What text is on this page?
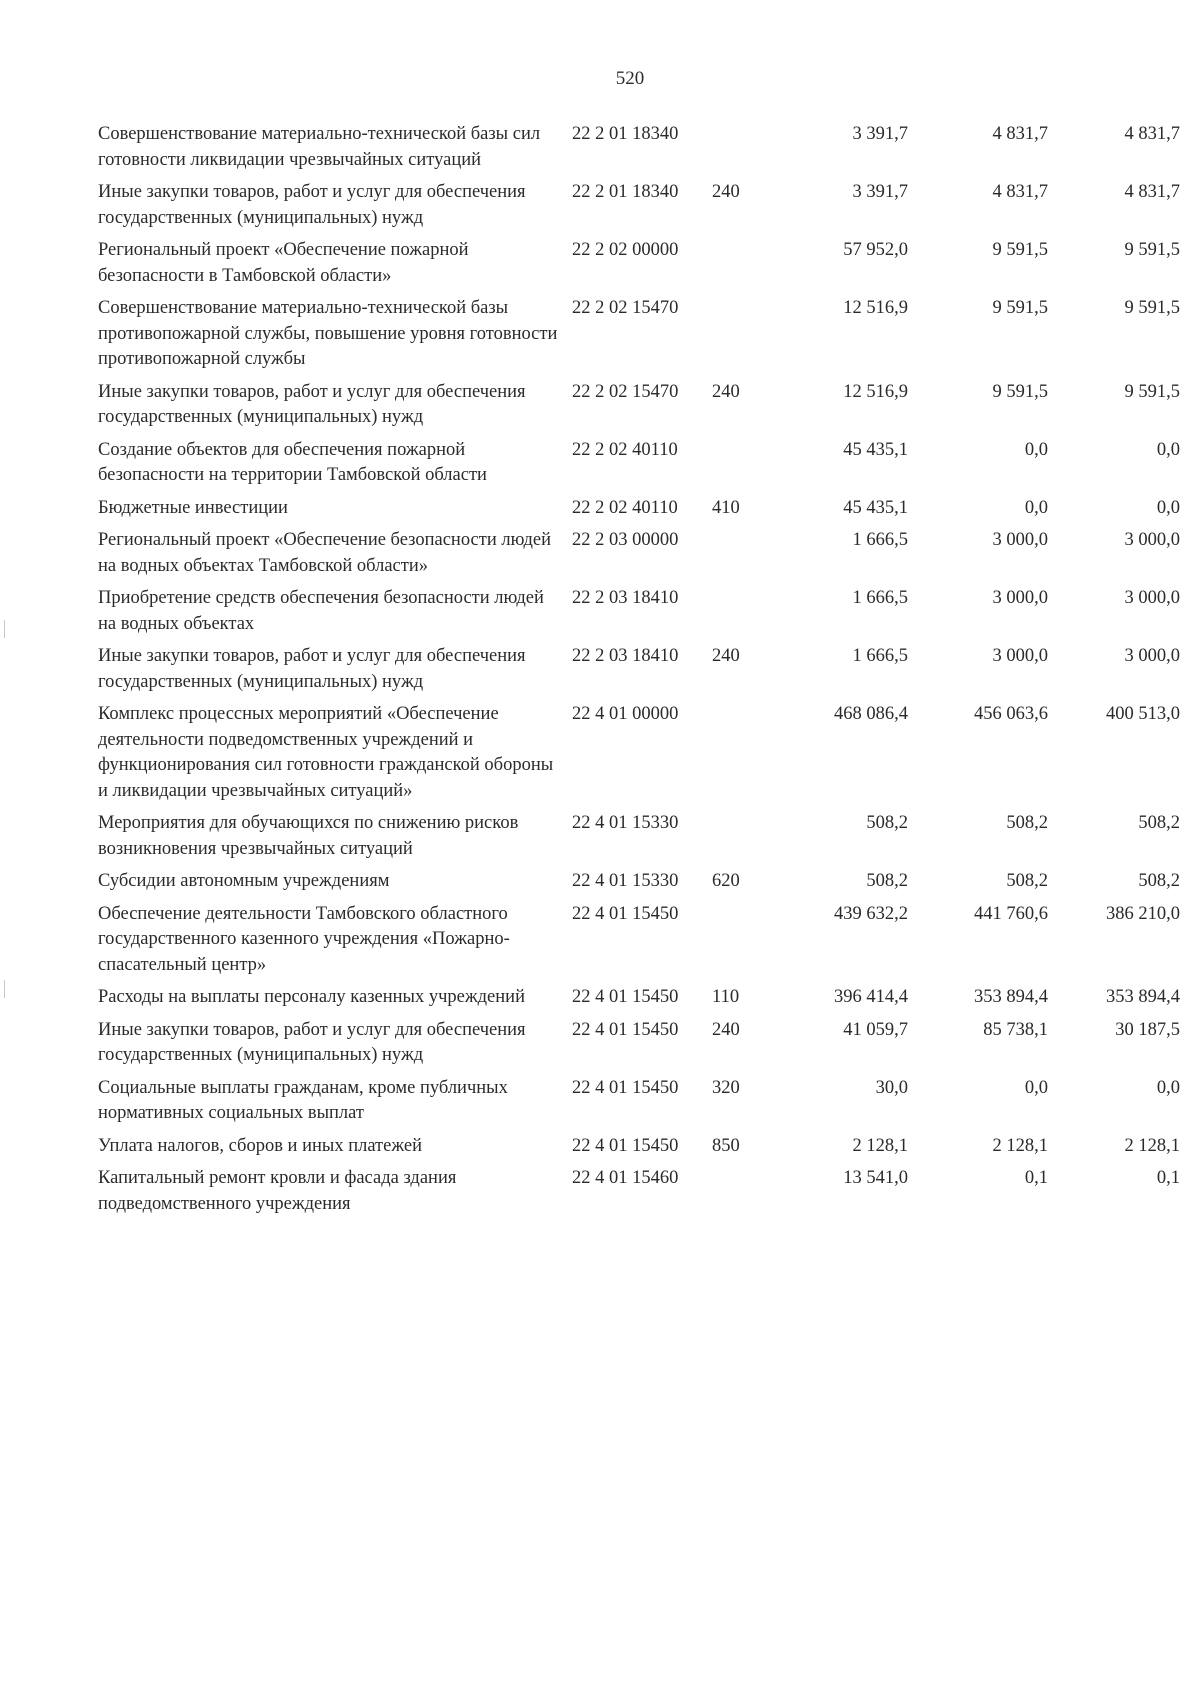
520
Совершенствование материально-технической базы сил готовности ликвидации чрезвычайных ситуаций	22 2 01 18340		3 391,7	4 831,7	4 831,7

Иные закупки товаров, работ и услуг для обеспечения государственных (муниципальных) нужд	22 2 01 18340	240	3 391,7	4 831,7	4 831,7

Региональный проект «Обеспечение пожарной безопасности в Тамбовской области»	22 2 02 00000		57 952,0	9 591,5	9 591,5

Совершенствование материально-технической базы противопожарной службы, повышение уровня готовности противопожарной службы	22 2 02 15470		12 516,9	9 591,5	9 591,5

Иные закупки товаров, работ и услуг для обеспечения государственных (муниципальных) нужд	22 2 02 15470	240	12 516,9	9 591,5	9 591,5

Создание объектов для обеспечения пожарной безопасности на территории Тамбовской области	22 2 02 40110		45 435,1	0,0	0,0

Бюджетные инвестиции	22 2 02 40110	410	45 435,1	0,0	0,0

Региональный проект «Обеспечение безопасности людей на водных объектах Тамбовской области»	22 2 03 00000		1 666,5	3 000,0	3 000,0

Приобретение средств обеспечения безопасности людей на водных объектах	22 2 03 18410		1 666,5	3 000,0	3 000,0

Иные закупки товаров, работ и услуг для обеспечения государственных (муниципальных) нужд	22 2 03 18410	240	1 666,5	3 000,0	3 000,0

Комплекс процессных мероприятий «Обеспечение деятельности подведомственных учреждений и функционирования сил готовности гражданской обороны и ликвидации чрезвычайных ситуаций»	22 4 01 00000		468 086,4	456 063,6	400 513,0

Мероприятия для обучающихся по снижению рисков возникновения чрезвычайных ситуаций	22 4 01 15330		508,2	508,2	508,2

Субсидии автономным учреждениям	22 4 01 15330	620	508,2	508,2	508,2

Обеспечение деятельности Тамбовского областного государственного казенного учреждения «Пожарно-спасательный центр»	22 4 01 15450		439 632,2	441 760,6	386 210,0

Расходы на выплаты персоналу казенных учреждений	22 4 01 15450	110	396 414,4	353 894,4	353 894,4

Иные закупки товаров, работ и услуг для обеспечения государственных (муниципальных) нужд	22 4 01 15450	240	41 059,7	85 738,1	30 187,5

Социальные выплаты гражданам, кроме публичных нормативных социальных выплат	22 4 01 15450	320	30,0	0,0	0,0

Уплата налогов, сборов и иных платежей	22 4 01 15450	850	2 128,1	2 128,1	2 128,1

Капитальный ремонт кровли и фасада здания подведомственного учреждения	22 4 01 15460		13 541,0	0,1	0,1
